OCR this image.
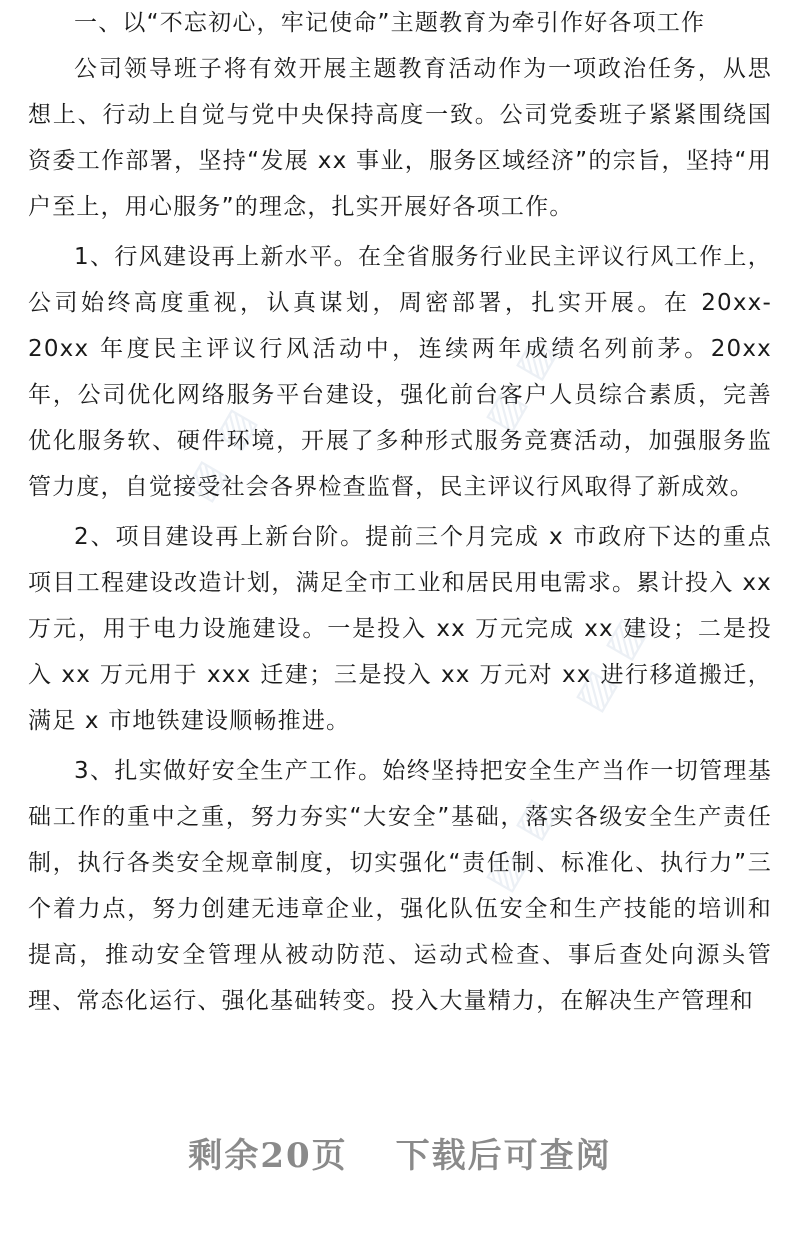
▨ ▨
▨ ▨
▨ ▨
▨ ▨

一、以“不忘初心，牢记使命”主题教育为牵引作好各项工作

公司领导班子将有效开展主题教育活动作为一项政治任务，从思想上、行动上自觉与党中央保持高度一致。公司党委班子紧紧围绕国资委工作部署，坚持“发展 xx 事业，服务区域经济”的宗旨，坚持“用户至上，用心服务”的理念，扎实开展好各项工作。

1、行风建设再上新水平。在全省服务行业民主评议行风工作上，公司始终高度重视，认真谋划，周密部署，扎实开展。在 20xx-20xx 年度民主评议行风活动中，连续两年成绩名列前茅。20xx 年，公司优化网络服务平台建设，强化前台客户人员综合素质，完善优化服务软、硬件环境，开展了多种形式服务竞赛活动，加强服务监管力度，自觉接受社会各界检查监督，民主评议行风取得了新成效。

2、项目建设再上新台阶。提前三个月完成 x 市政府下达的重点项目工程建设改造计划，满足全市工业和居民用电需求。累计投入 xx 万元，用于电力设施建设。一是投入 xx 万元完成 xx 建设；二是投入 xx 万元用于 xxx 迁建；三是投入 xx 万元对 xx 进行移道搬迁，满足 x 市地铁建设顺畅推进。

3、扎实做好安全生产工作。始终坚持把安全生产当作一切管理基础工作的重中之重，努力夯实“大安全”基础，落实各级安全生产责任制，执行各类安全规章制度，切实强化“责任制、标准化、执行力”三个着力点，努力创建无违章企业，强化队伍安全和生产技能的培训和提高，推动安全管理从被动防范、运动式检查、事后查处向源头管理、常态化运行、强化基础转变。投入大量精力，在解决生产管理和

剩余20页 下载后可查阅
